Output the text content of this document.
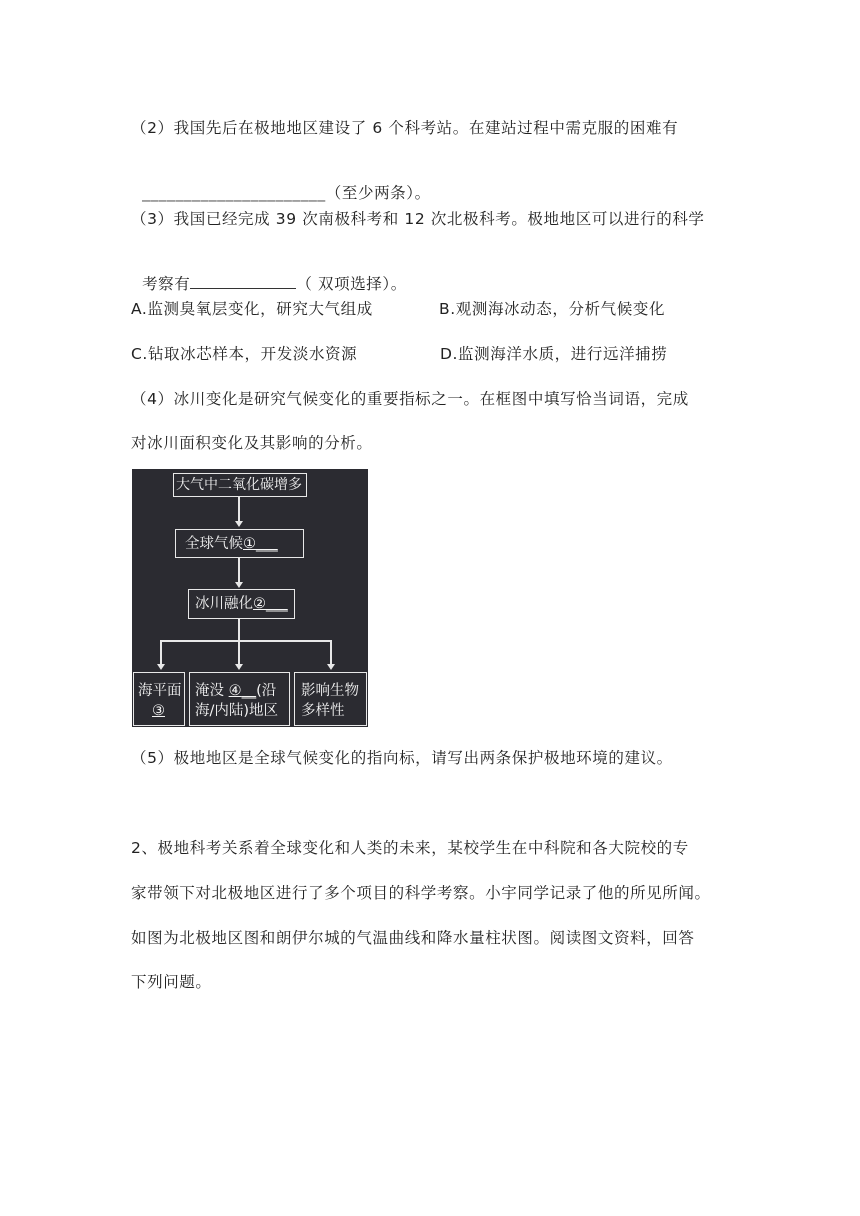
（2）我国先后在极地地区建设了 6 个科考站。在建站过程中需克服的困难有

______________________（至少两条）。

（3）我国已经完成 39 次南极科考和 12 次北极科考。极地地区可以进行的科学

考察有	（ 双项选择）。

A.监测臭氧层变化，研究大气组成	B.观测海冰动态，分析气候变化
C.钻取冰芯样本，开发淡水资源	D.监测海洋水质，进行远洋捕捞
（4）冰川变化是研究气候变化的重要指标之一。在框图中填写恰当词语，完成
对冰川面积变化及其影响的分析。
大气中二氧化碳增多
全球气候①___
冰川融化②___
海平面
③
淹没 ④__(沿
海/内陆)地区
影响生物
多样性
（5）极地地区是全球气候变化的指向标，请写出两条保护极地环境的建议。
2、极地科考关系着全球变化和人类的未来，某校学生在中科院和各大院校的专
家带领下对北极地区进行了多个项目的科学考察。小宇同学记录了他的所见所闻。
如图为北极地区图和朗伊尔城的气温曲线和降水量柱状图。阅读图文资料，回答
下列问题。
